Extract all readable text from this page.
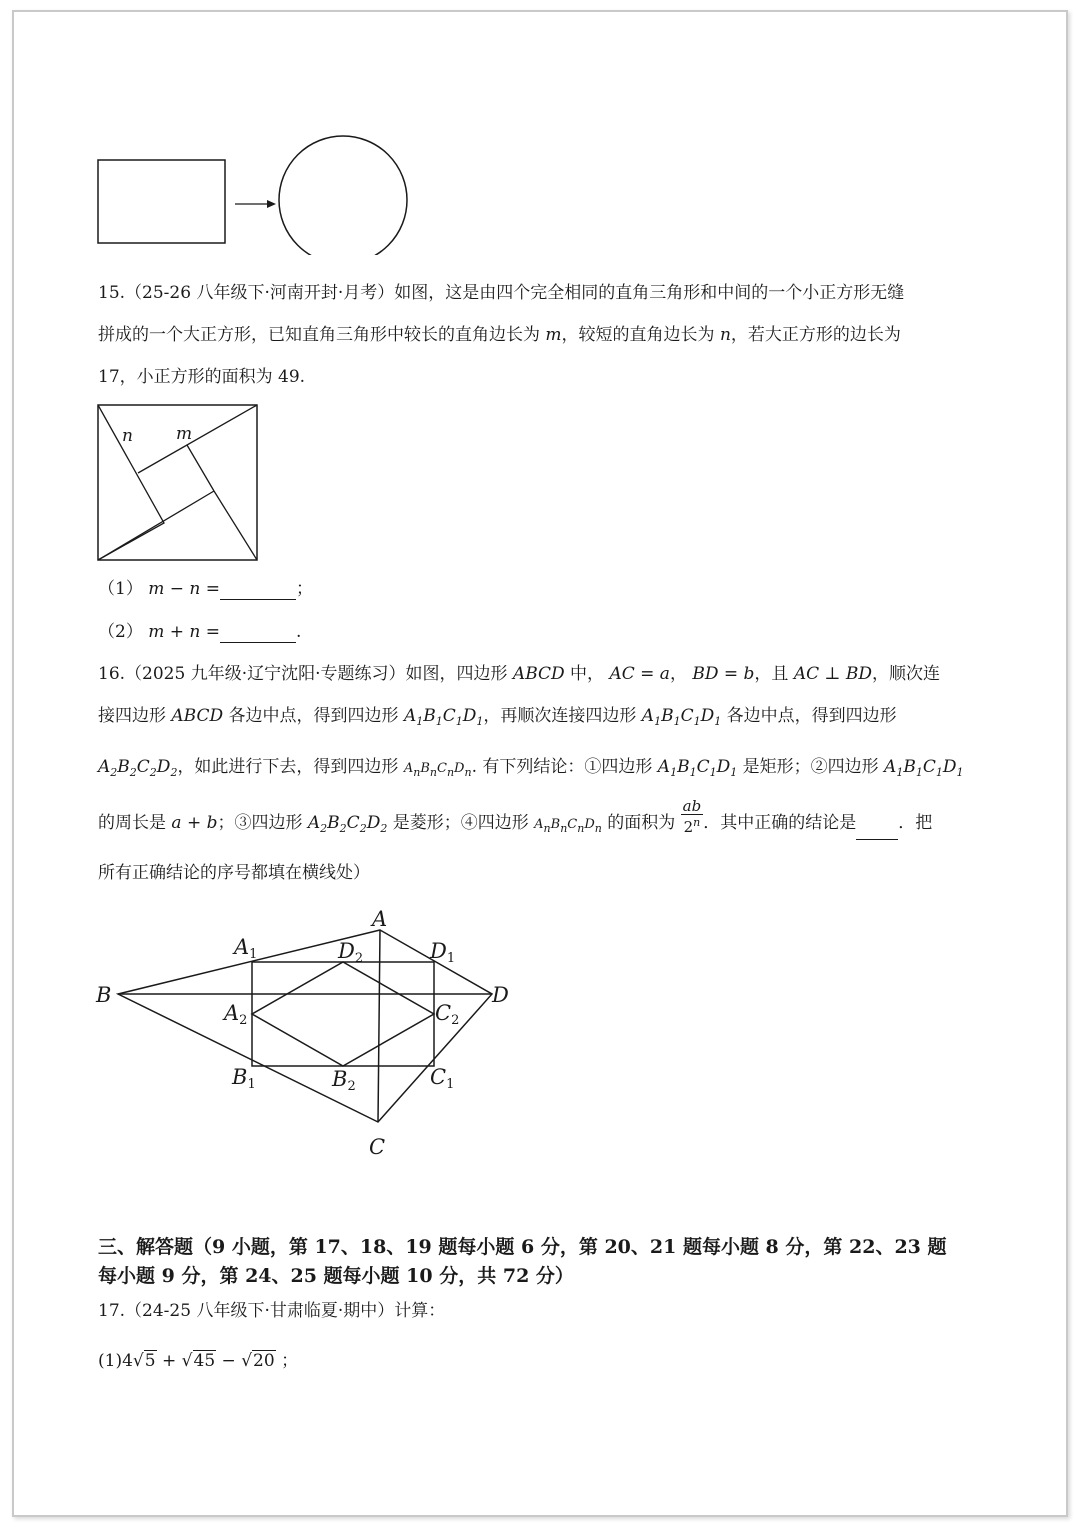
15.（25-26 八年级下·河南开封·月考）如图，这是由四个完全相同的直角三角形和中间的一个小正方形无缝
拼成的一个大正方形，已知直角三角形中较长的直角边长为 m，较短的直角边长为 n，若大正方形的边长为
17，小正方形的面积为 49.
n	m
（1） m − n =	；
（2） m + n =	.
16.（2025 九年级·辽宁沈阳·专题练习）如图，四边形 ABCD 中， AC = a， BD = b，且 AC ⊥ BD，顺次连
接四边形 ABCD 各边中点，得到四边形 $A_1B_1C_1D_1$，再顺次连接四边形 $A_1B_1C_1D_1$ 各边中点，得到四边形
$A_2B_2C_2D_2$，如此进行下去，得到四边形 $A_nB_nC_nD_n$. 有下列结论：①四边形 $A_1B_1C_1D_1$ 是矩形；②四边形 $A_1B_1C_1D_1$
的周长是 a + b；③四边形 $A_2B_2C_2D_2$ 是菱形；④四边形 $A_nB_nC_nD_n$ 的面积为 $\frac{ab}{2^n}$ ．其中正确的结论是 ．把
所有正确结论的序号都填在横线处）
A
B
C
D
A1	D2	D1
A2	C2
B1	B2	C1
三、解答题（9 小题，第 17、18、19 题每小题 6 分，第 20、21 题每小题 8 分，第 22、23 题
每小题 9 分，第 24、25 题每小题 10 分，共 72 分）
17.（24-25 八年级下·甘肃临夏·期中）计算：
(1)4√5 + √45 − √20 ；
